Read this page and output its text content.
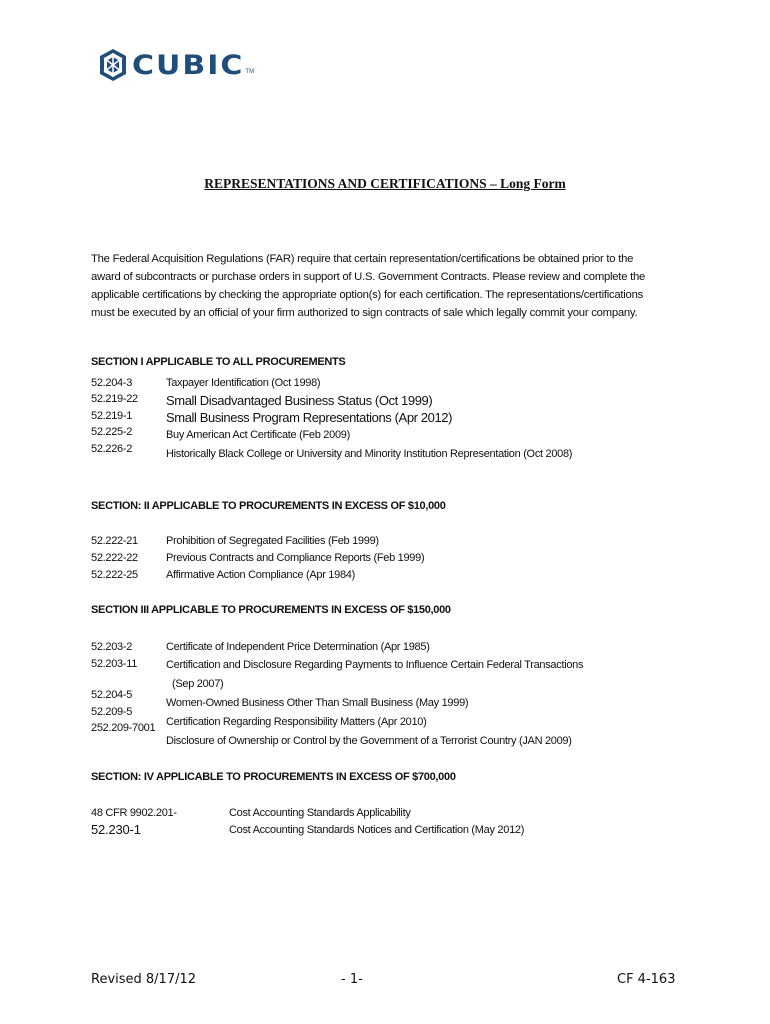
CUBIC TM
REPRESENTATIONS AND CERTIFICATIONS – Long Form

The Federal Acquisition Regulations (FAR) require that certain representation/certifications be obtained prior to the

award of subcontracts or purchase orders in support of U.S. Government Contracts. Please review and complete the

applicable certifications by checking the appropriate option(s) for each certification. The representations/certifications

must be executed by an official of your firm authorized to sign contracts of sale which legally commit your company.

SECTION I APPLICABLE TO ALL PROCUREMENTS
52.204-3
52.219-22
52.219-1
52.225-2
52.226-2
Taxpayer Identification (Oct 1998)
Small Disadvantaged Business Status (Oct 1999)
Small Business Program Representations (Apr 2012)
Buy American Act Certificate (Feb 2009)
Historically Black College or University and Minority Institution Representation (Oct 2008)
SECTION: II APPLICABLE TO PROCUREMENTS IN EXCESS OF $10,000
52.222-21
52.222-22
52.222-25
Prohibition of Segregated Facilities (Feb 1999)
Previous Contracts and Compliance Reports (Feb 1999)
Affirmative Action Compliance (Apr 1984)
SECTION III APPLICABLE TO PROCUREMENTS IN EXCESS OF $150,000
52.203-2
52.203-11
52.204-5
52.209-5
252.209-7001
Certificate of Independent Price Determination (Apr 1985)
Certification and Disclosure Regarding Payments to Influence Certain Federal Transactions
(Sep 2007)
Women-Owned Business Other Than Small Business (May 1999)
Certification Regarding Responsibility Matters (Apr 2010)
Disclosure of Ownership or Control by the Government of a Terrorist Country (JAN 2009)
SECTION: IV APPLICABLE TO PROCUREMENTS IN EXCESS OF $700,000
48 CFR 9902.201-
52.230-1
Cost Accounting Standards Applicability
Cost Accounting Standards Notices and Certification (May 2012)
Revised 8/17/12	- 1-	CF 4-163
